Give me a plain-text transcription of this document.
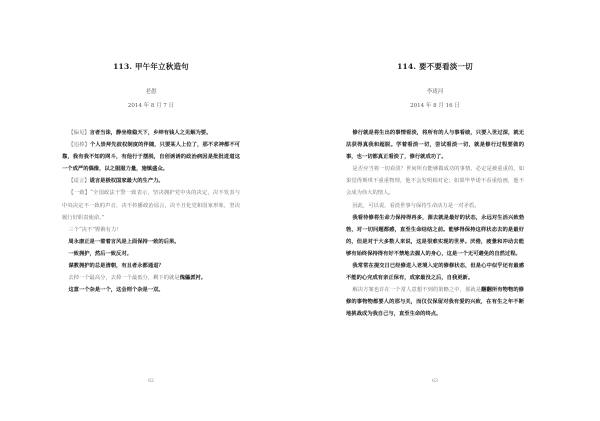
113. 甲午年立秋造句
老愚
2014 年 8 月 7 日

【偏见】言者当诛，静坐维稳天下，乡绅有钱人之见解为要。

【追捧】个人崇拜先彼权制度的伴随，只要某人上位了，那不求神都不可靠，我有我不知的网斗，有他行于摆脱，自创诱诱的政治病因是批批进道这一个成严的偶像，以之服服力量，施镇盛众。

【谎言】谎言是极权国家最大的生产力。

【一致】“全国政法干警一致表示，坚决拥护党中央的决定，决不发表与中央决定不一致的声音，决不传播政治谣言，决不丑化党和国家形象，坚决履行好职责使命。”

三个“决不”铿锵有力！

周永康正是一着着言风是上面保持一致的后果。

一致拥护，然后一致反对。

谋教拥护的总是清朝，有且者永都通退？

去掉一个最高分，去掉一个最低分，剩下的就是傀儡派衬。

这意一个杂是一个，这会则个杂是一双。

62
114. 要不要看淡一切
李珑河
2014 年 8 月 16 日

修行就是将生出的事情看淡，将所有的人与事看破，只要入世过深，就无法获得真我和超脱。学着看淡一切，尝试看淡一切，就是修行过程要做的事，也一切都真正看淡了，修行就成功了。

是否应当将一切看淡？世间所有能够做成功的事情，必定是被重重的，如果觉得斯琪不重重物理，他不会发明相对论；如果毕毕诺不看重绘画，他不会成为伟大的情人。

因此，可以说，看淡世事与保持生命活力是一对矛盾。

我看待修将生命力保持得再多，源去就是最好的状态，永远对生活兴致勃勃，对一切问题都感，直至生命结结之前。能够得保持这样状态去的是最好的，但是对于大多数人来说，这是很难实现的世界。厌倦，疲惫和冲动去能够有始终保持得有好不禁地去握人的身心，这是一个无可避免的自然过程。

我常常在提交日已经修进入老境入定的修修状态，但是心中似乎还有最感不能的心完成有亲正保有，成家最没之后，自我更新。

解决方案也许在一个常人意想不到的策略之中，那就是翻翻所有物物的修修的事物物都要人的那与关，而仅仅保留对我有爱的兴致，在有生之年不断地挑战成为我自己与，直至生命的终点。

63
